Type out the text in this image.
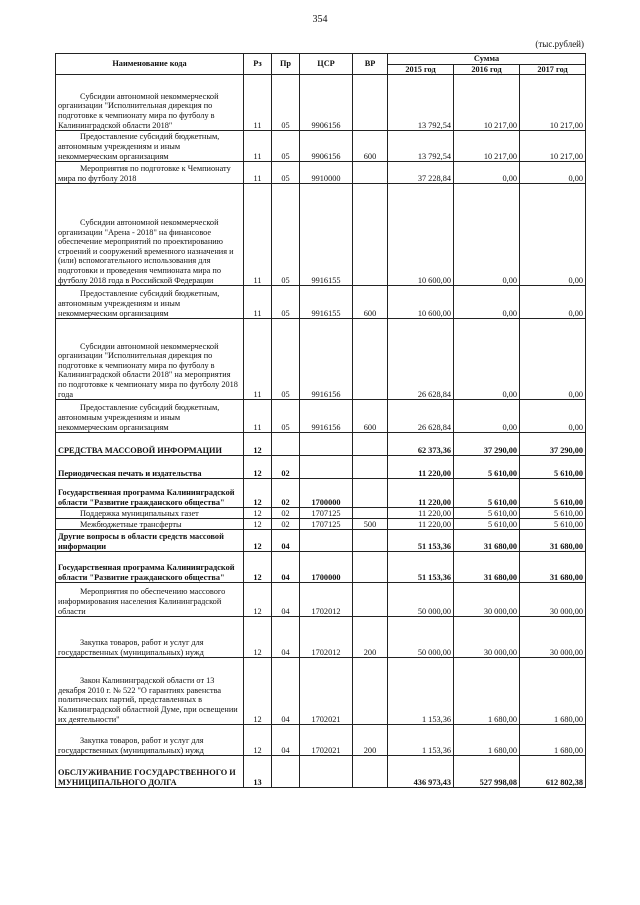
354
(тыс.рублей)
Наименование кода	Рз	Пр	ЦСР	ВР	Сумма		
					2015 год	2016 год	2017 год
Субсидии автономной некоммерческой организации "Исполнительная дирекция по подготовке к чемпионату мира по футболу в Калининградской области 2018"	11	05	9906156		13 792,54	10 217,00	10 217,00
Предоставление субсидий бюджетным, автономным учреждениям и иным некоммерческим организациям	11	05	9906156	600	13 792,54	10 217,00	10 217,00
Мероприятия по подготовке к Чемпионату мира по футболу 2018	11	05	9910000		37 228,84	0,00	0,00
Субсидии автономной некоммерческой организации "Арена - 2018" на финансовое обеспечение мероприятий по проектированию строений и сооружений временного назначения и (или) вспомогательного использования для подготовки и проведения чемпионата мира по футболу 2018 года в Российской Федерации	11	05	9916155		10 600,00	0,00	0,00
Предоставление субсидий бюджетным, автономным учреждениям и иным некоммерческим организациям	11	05	9916155	600	10 600,00	0,00	0,00
Субсидии автономной некоммерческой организации "Исполнительная дирекция по подготовке к чемпионату мира по футболу в Калининградской области 2018" на мероприятия по подготовке к чемпионату мира по футболу 2018 года	11	05	9916156		26 628,84	0,00	0,00
Предоставление субсидий бюджетным, автономным учреждениям и иным некоммерческим организациям	11	05	9916156	600	26 628,84	0,00	0,00
СРЕДСТВА МАССОВОЙ ИНФОРМАЦИИ	12				62 373,36	37 290,00	37 290,00
Периодическая печать и издательства	12	02			11 220,00	5 610,00	5 610,00
Государственная программа Калининградской области "Развитие гражданского общества"	12	02	1700000		11 220,00	5 610,00	5 610,00
Поддержка муниципальных газет	12	02	1707125		11 220,00	5 610,00	5 610,00
Межбюджетные трансферты	12	02	1707125	500	11 220,00	5 610,00	5 610,00
Другие вопросы в области средств массовой информации	12	04			51 153,36	31 680,00	31 680,00
Государственная программа Калининградской области "Развитие гражданского общества"	12	04	1700000		51 153,36	31 680,00	31 680,00
Мероприятия по обеспечению массового информирования населения Калининградской области	12	04	1702012		50 000,00	30 000,00	30 000,00
Закупка товаров, работ и услуг для государственных (муниципальных) нужд	12	04	1702012	200	50 000,00	30 000,00	30 000,00
Закон Калининградской области от 13 декабря 2010 г. № 522 "О гарантиях равенства политических партий, представленных в Калининградской областной Думе, при освещении их деятельности"	12	04	1702021		1 153,36	1 680,00	1 680,00
Закупка товаров, работ и услуг для государственных (муниципальных) нужд	12	04	1702021	200	1 153,36	1 680,00	1 680,00
ОБСЛУЖИВАНИЕ ГОСУДАРСТВЕННОГО И МУНИЦИПАЛЬНОГО ДОЛГА	13				436 973,43	527 998,08	612 802,38
